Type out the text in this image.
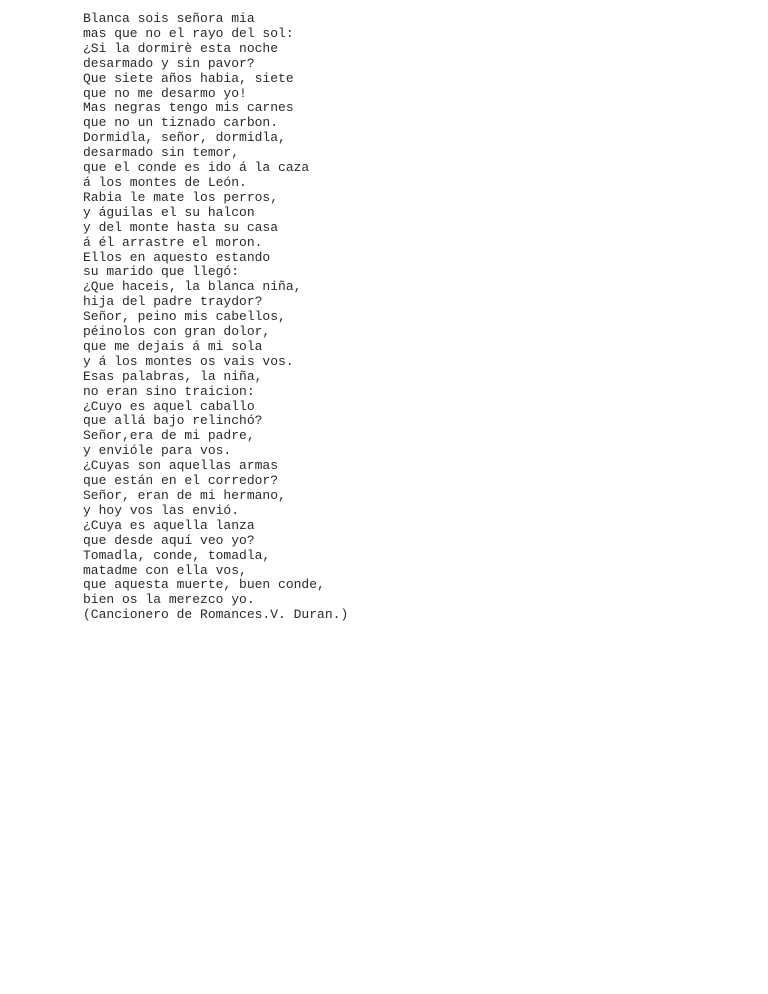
Blanca sois señora mia
mas que no el rayo del sol:
¿Si la dormirè esta noche
desarmado y sin pavor?
Que siete años habia, siete
que no me desarmo yo!
Mas negras tengo mis carnes
que no un tiznado carbon.
Dormidla, señor, dormidla,
desarmado sin temor,
que el conde es ido á la caza
á los montes de León.
Rabia le mate los perros,
y águilas el su halcon
y del monte hasta su casa
á él arrastre el moron.
Ellos en aquesto estando
su marido que llegó:
¿Que haceis, la blanca niña,
hija del padre traydor?
Señor, peino mis cabellos,
péinolos con gran dolor,
que me dejais á mi sola
y á los montes os vais vos.
Esas palabras, la niña,
no eran sino traicion:
¿Cuyo es aquel caballo
que allá bajo relinchó?
Señor,era de mi padre,
y envióle para vos.
¿Cuyas son aquellas armas
que están en el corredor?
Señor, eran de mi hermano,
y hoy vos las envió.
¿Cuya es aquella lanza
que desde aquí veo yo?
Tomadla, conde, tomadla,
matadme con ella vos,
que aquesta muerte, buen conde,
bien os la merezco yo.
(Cancionero de Romances.V. Duran.)
